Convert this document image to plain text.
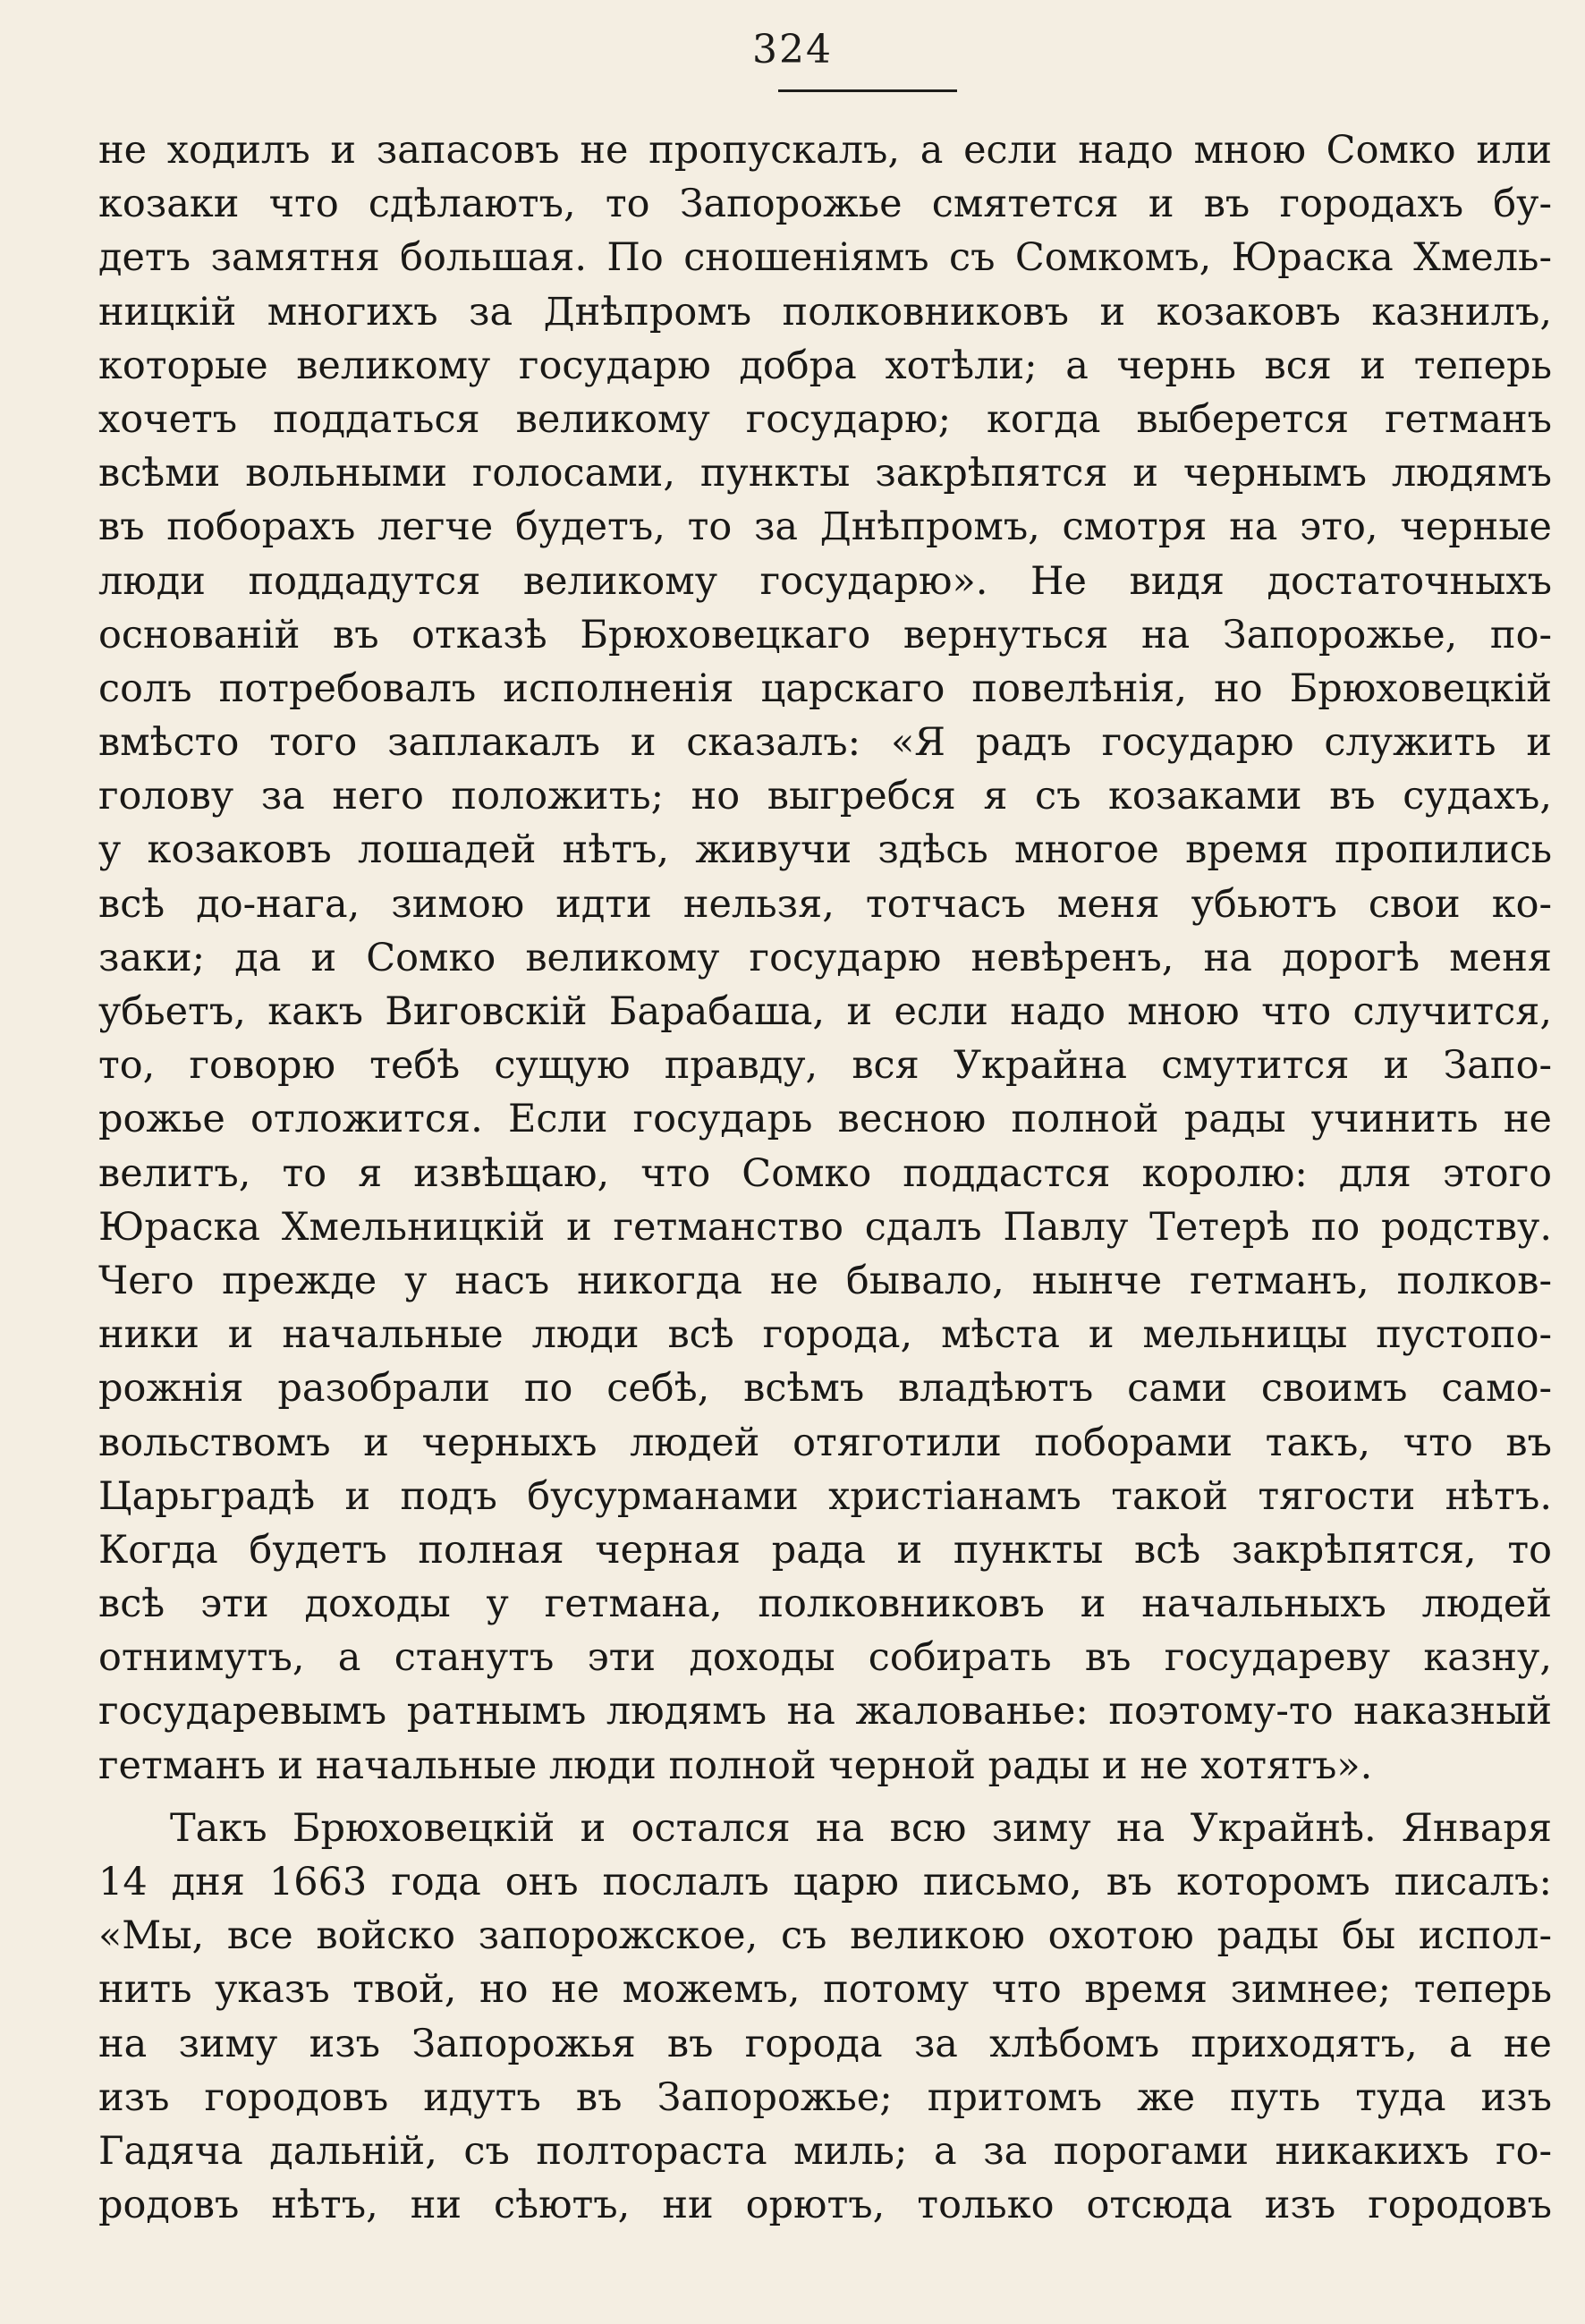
324
не ходилъ и запасовъ не пропускалъ, а если надо мною Сомко или
козаки что сдѣлаютъ, то Запорожье смятется и въ городахъ бу-
детъ замятня большая. По сношеніямъ съ Сомкомъ, Юраска Хмель-
ницкій многихъ за Днѣпромъ полковниковъ и козаковъ казнилъ,
которые великому государю добра хотѣли; а чернь вся и теперь
хочетъ поддаться великому государю; когда выберется гетманъ
всѣми вольными голосами, пункты закрѣпятся и чернымъ людямъ
въ поборахъ легче будетъ, то за Днѣпромъ, смотря на это, черные
люди поддадутся великому государю». Не видя достаточныхъ
основаній въ отказѣ Брюховецкаго вернуться на Запорожье, по-
солъ потребовалъ исполненія царскаго повелѣнія, но Брюховецкій
вмѣсто того заплакалъ и сказалъ: «Я радъ государю служить и
голову за него положить; но выгребся я съ козаками въ судахъ,
у козаковъ лошадей нѣтъ, живучи здѣсь многое время пропились
всѣ до-нага, зимою идти нельзя, тотчасъ меня убьютъ свои ко-
заки; да и Сомко великому государю невѣренъ, на дорогѣ меня
убьетъ, какъ Виговскій Барабаша, и если надо мною что случится,
то, говорю тебѣ сущую правду, вся Украйна смутится и Запо-
рожье отложится. Если государь весною полной рады учинить не
велитъ, то я извѣщаю, что Сомко поддастся королю: для этого
Юраска Хмельницкій и гетманство сдалъ Павлу Тетерѣ по родству.
Чего прежде у насъ никогда не бывало, нынче гетманъ, полков-
ники и начальные люди всѣ города, мѣста и мельницы пустопо-
рожнія разобрали по себѣ, всѣмъ владѣютъ сами своимъ само-
вольствомъ и черныхъ людей отяготили поборами такъ, что въ
Царьградѣ и подъ бусурманами христіанамъ такой тягости нѣтъ.
Когда будетъ полная черная рада и пункты всѣ закрѣпятся, то
всѣ эти доходы у гетмана, полковниковъ и начальныхъ людей
отнимутъ, а станутъ эти доходы собирать въ государеву казну,
государевымъ ратнымъ людямъ на жалованье: поэтому-то наказный
гетманъ и начальные люди полной черной рады и не хотятъ».
Такъ Брюховецкій и остался на всю зиму на Украйнѣ. Января
14 дня 1663 года онъ послалъ царю письмо, въ которомъ писалъ:
«Мы, все войско запорожское, съ великою охотою рады бы испол-
нить указъ твой, но не можемъ, потому что время зимнее; теперь
на зиму изъ Запорожья въ города за хлѣбомъ приходятъ, а не
изъ городовъ идутъ въ Запорожье; притомъ же путь туда изъ
Гадяча дальній, съ полтораста миль; а за порогами никакихъ го-
родовъ нѣтъ, ни сѣютъ, ни орютъ, только отсюда изъ городовъ
